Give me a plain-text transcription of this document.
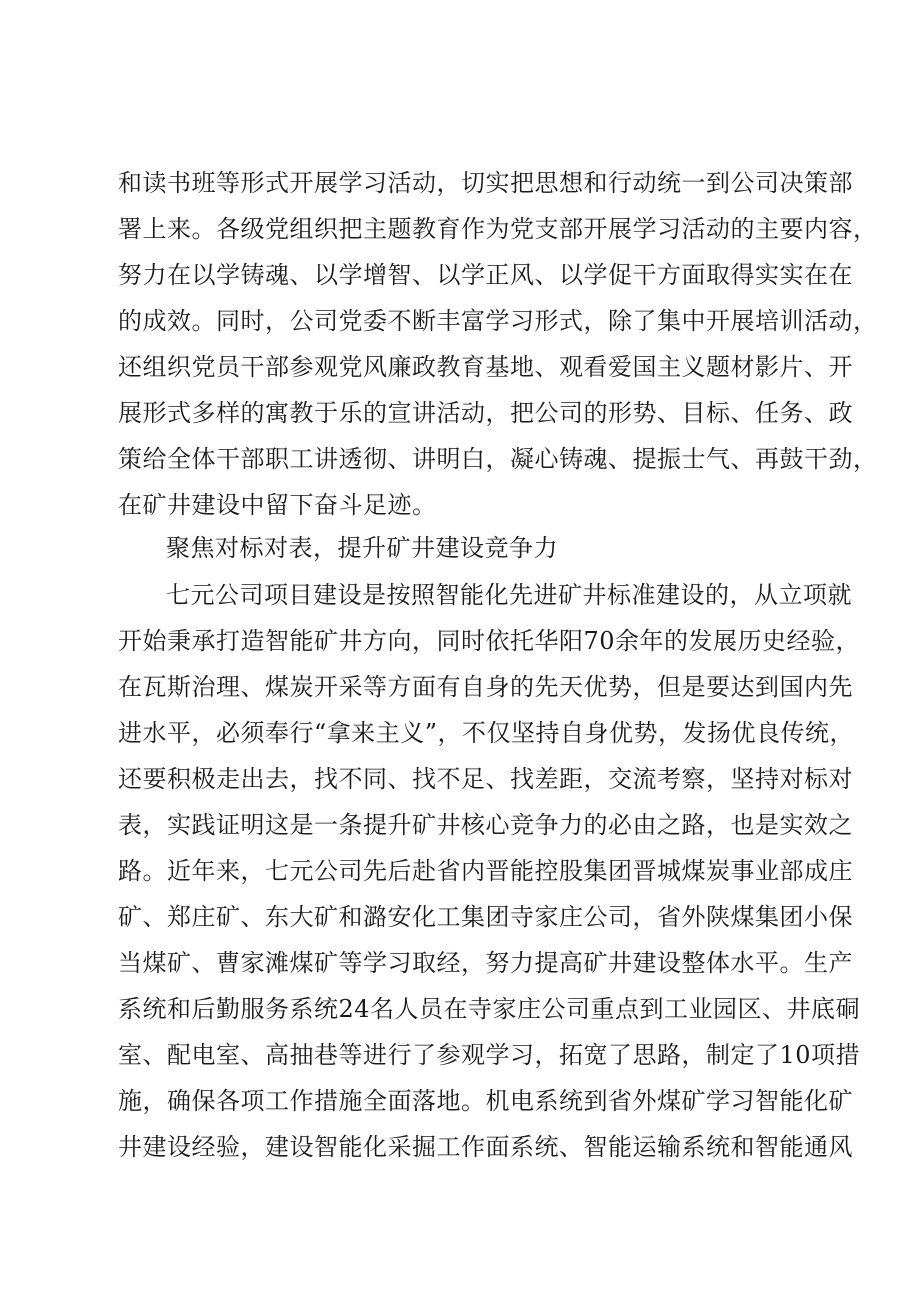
和读书班等形式开展学习活动，切实把思想和行动统一到公司决策部
署上来。各级党组织把主题教育作为党支部开展学习活动的主要内容，
努力在以学铸魂、以学增智、以学正风、以学促干方面取得实实在在
的成效。同时，公司党委不断丰富学习形式，除了集中开展培训活动，
还组织党员干部参观党风廉政教育基地、观看爱国主义题材影片、开
展形式多样的寓教于乐的宣讲活动，把公司的形势、目标、任务、政
策给全体干部职工讲透彻、讲明白，凝心铸魂、提振士气、再鼓干劲，
在矿井建设中留下奋斗足迹。
聚焦对标对表，提升矿井建设竞争力
七元公司项目建设是按照智能化先进矿井标准建设的，从立项就
开始秉承打造智能矿井方向，同时依托华阳70余年的发展历史经验，
在瓦斯治理、煤炭开采等方面有自身的先天优势，但是要达到国内先
进水平，必须奉行“拿来主义”，不仅坚持自身优势，发扬优良传统，
还要积极走出去，找不同、找不足、找差距，交流考察，坚持对标对
表，实践证明这是一条提升矿井核心竞争力的必由之路，也是实效之
路。近年来，七元公司先后赴省内晋能控股集团晋城煤炭事业部成庄
矿、郑庄矿、东大矿和潞安化工集团寺家庄公司，省外陕煤集团小保
当煤矿、曹家滩煤矿等学习取经，努力提高矿井建设整体水平。生产
系统和后勤服务系统24名人员在寺家庄公司重点到工业园区、井底硐
室、配电室、高抽巷等进行了参观学习，拓宽了思路，制定了10项措
施，确保各项工作措施全面落地。机电系统到省外煤矿学习智能化矿
井建设经验，建设智能化采掘工作面系统、智能运输系统和智能通风
